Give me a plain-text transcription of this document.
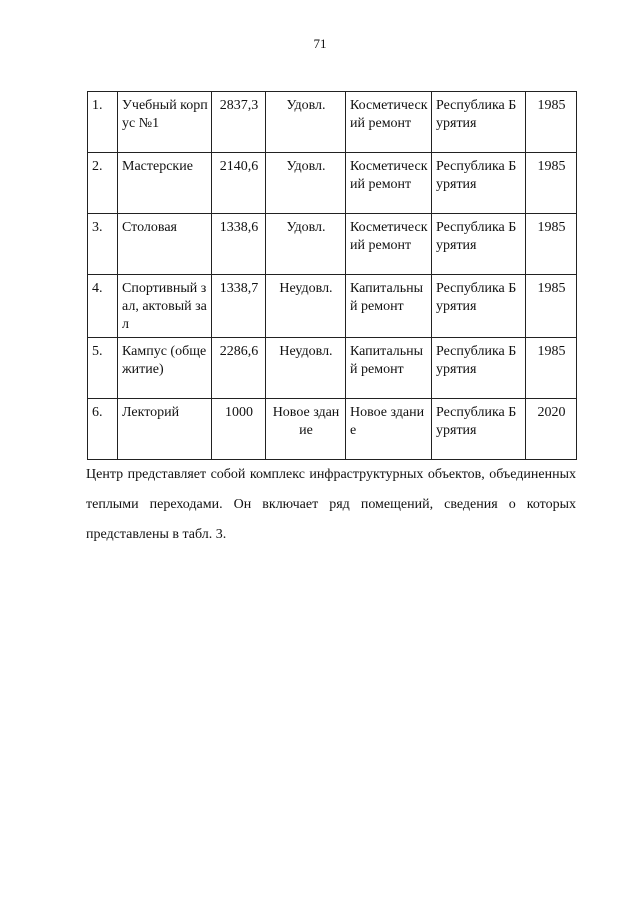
71
1.	Учебный корпус №1	2837,3	Удовл.	Косметический ремонт	Республика Бурятия	1985
2.	Мастерские	2140,6	Удовл.	Косметический ремонт	Республика Бурятия	1985
3.	Столовая	1338,6	Удовл.	Косметический ремонт	Республика Бурятия	1985
4.	Спортивный зал, актовый зал	1338,7	Неудовл.	Капитальный ремонт	Республика Бурятия	1985
5.	Кампус (общежитие)	2286,6	Неудовл.	Капитальный ремонт	Республика Бурятия	1985
6.	Лекторий	1000	Новое здание	Новое здание	Республика Бурятия	2020
Центр представляет собой комплекс инфраструктурных объектов, объединенных теплыми переходами. Он включает ряд помещений, сведения о которых представлены в табл. 3.
